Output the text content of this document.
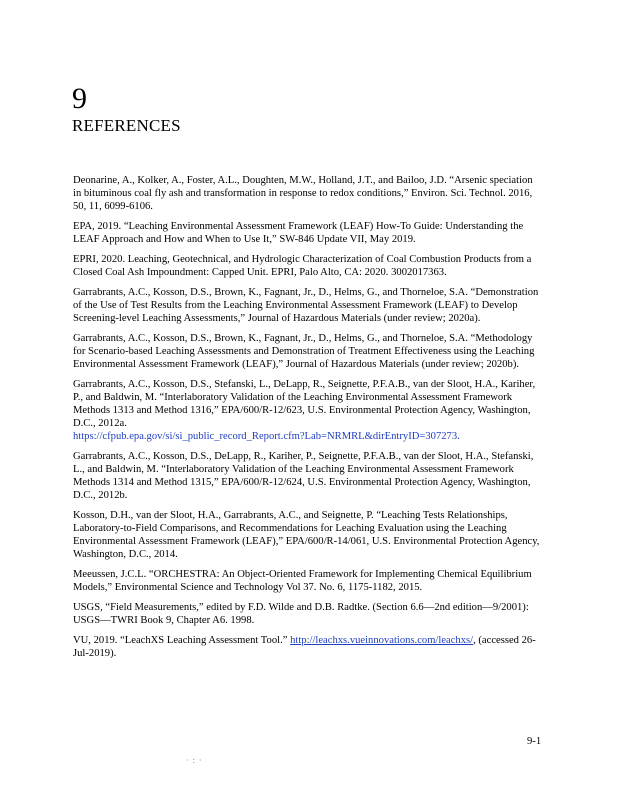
9
REFERENCES

Deonarine, A., Kolker, A., Foster, A.L., Doughten, M.W., Holland, J.T., and Bailoo, J.D. “Arsenic speciation in bituminous coal fly ash and transformation in response to redox conditions,” Environ. Sci. Technol. 2016, 50, 11, 6099-6106.

EPA, 2019. “Leaching Environmental Assessment Framework (LEAF) How-To Guide: Understanding the LEAF Approach and How and When to Use It,” SW-846 Update VII, May 2019.

EPRI, 2020. Leaching, Geotechnical, and Hydrologic Characterization of Coal Combustion Products from a Closed Coal Ash Impoundment: Capped Unit. EPRI, Palo Alto, CA: 2020. 3002017363.

Garrabrants, A.C., Kosson, D.S., Brown, K., Fagnant, Jr., D., Helms, G., and Thorneloe, S.A. “Demonstration of the Use of Test Results from the Leaching Environmental Assessment Framework (LEAF) to Develop Screening-level Leaching Assessments,” Journal of Hazardous Materials (under review; 2020a).

Garrabrants, A.C., Kosson, D.S., Brown, K., Fagnant, Jr., D., Helms, G., and Thorneloe, S.A. “Methodology for Scenario-based Leaching Assessments and Demonstration of Treatment Effectiveness using the Leaching Environmental Assessment Framework (LEAF),” Journal of Hazardous Materials (under review; 2020b).

Garrabrants, A.C., Kosson, D.S., Stefanski, L., DeLapp, R., Seignette, P.F.A.B., van der Sloot, H.A., Kariher, P., and Baldwin, M. “Interlaboratory Validation of the Leaching Environmental Assessment Framework Methods 1313 and Method 1316,” EPA/600/R-12/623, U.S. Environmental Protection Agency, Washington, D.C., 2012a.
https://cfpub.epa.gov/si/si_public_record_Report.cfm?Lab=NRMRL&dirEntryID=307273.

Garrabrants, A.C., Kosson, D.S., DeLapp, R., Kariher, P., Seignette, P.F.A.B., van der Sloot, H.A., Stefanski, L., and Baldwin, M. “Interlaboratory Validation of the Leaching Environmental Assessment Framework Methods 1314 and Method 1315,” EPA/600/R-12/624, U.S. Environmental Protection Agency, Washington, D.C., 2012b.

Kosson, D.H., van der Sloot, H.A., Garrabrants, A.C., and Seignette, P. “Leaching Tests Relationships, Laboratory-to-Field Comparisons, and Recommendations for Leaching Evaluation using the Leaching Environmental Assessment Framework (LEAF),” EPA/600/R-14/061, U.S. Environmental Protection Agency, Washington, D.C., 2014.

Meeussen, J.C.L. “ORCHESTRA: An Object-Oriented Framework for Implementing Chemical Equilibrium Models,” Environmental Science and Technology Vol 37. No. 6, 1175-1182, 2015.

USGS, “Field Measurements,” edited by F.D. Wilde and D.B. Radtke. (Section 6.6—2nd edition—9/2001): USGS—TWRI Book 9, Chapter A6. 1998.

VU, 2019. “LeachXS Leaching Assessment Tool.” http://leachxs.vueinnovations.com/leachxs/, (accessed 26-Jul-2019).

9-1
·:·
